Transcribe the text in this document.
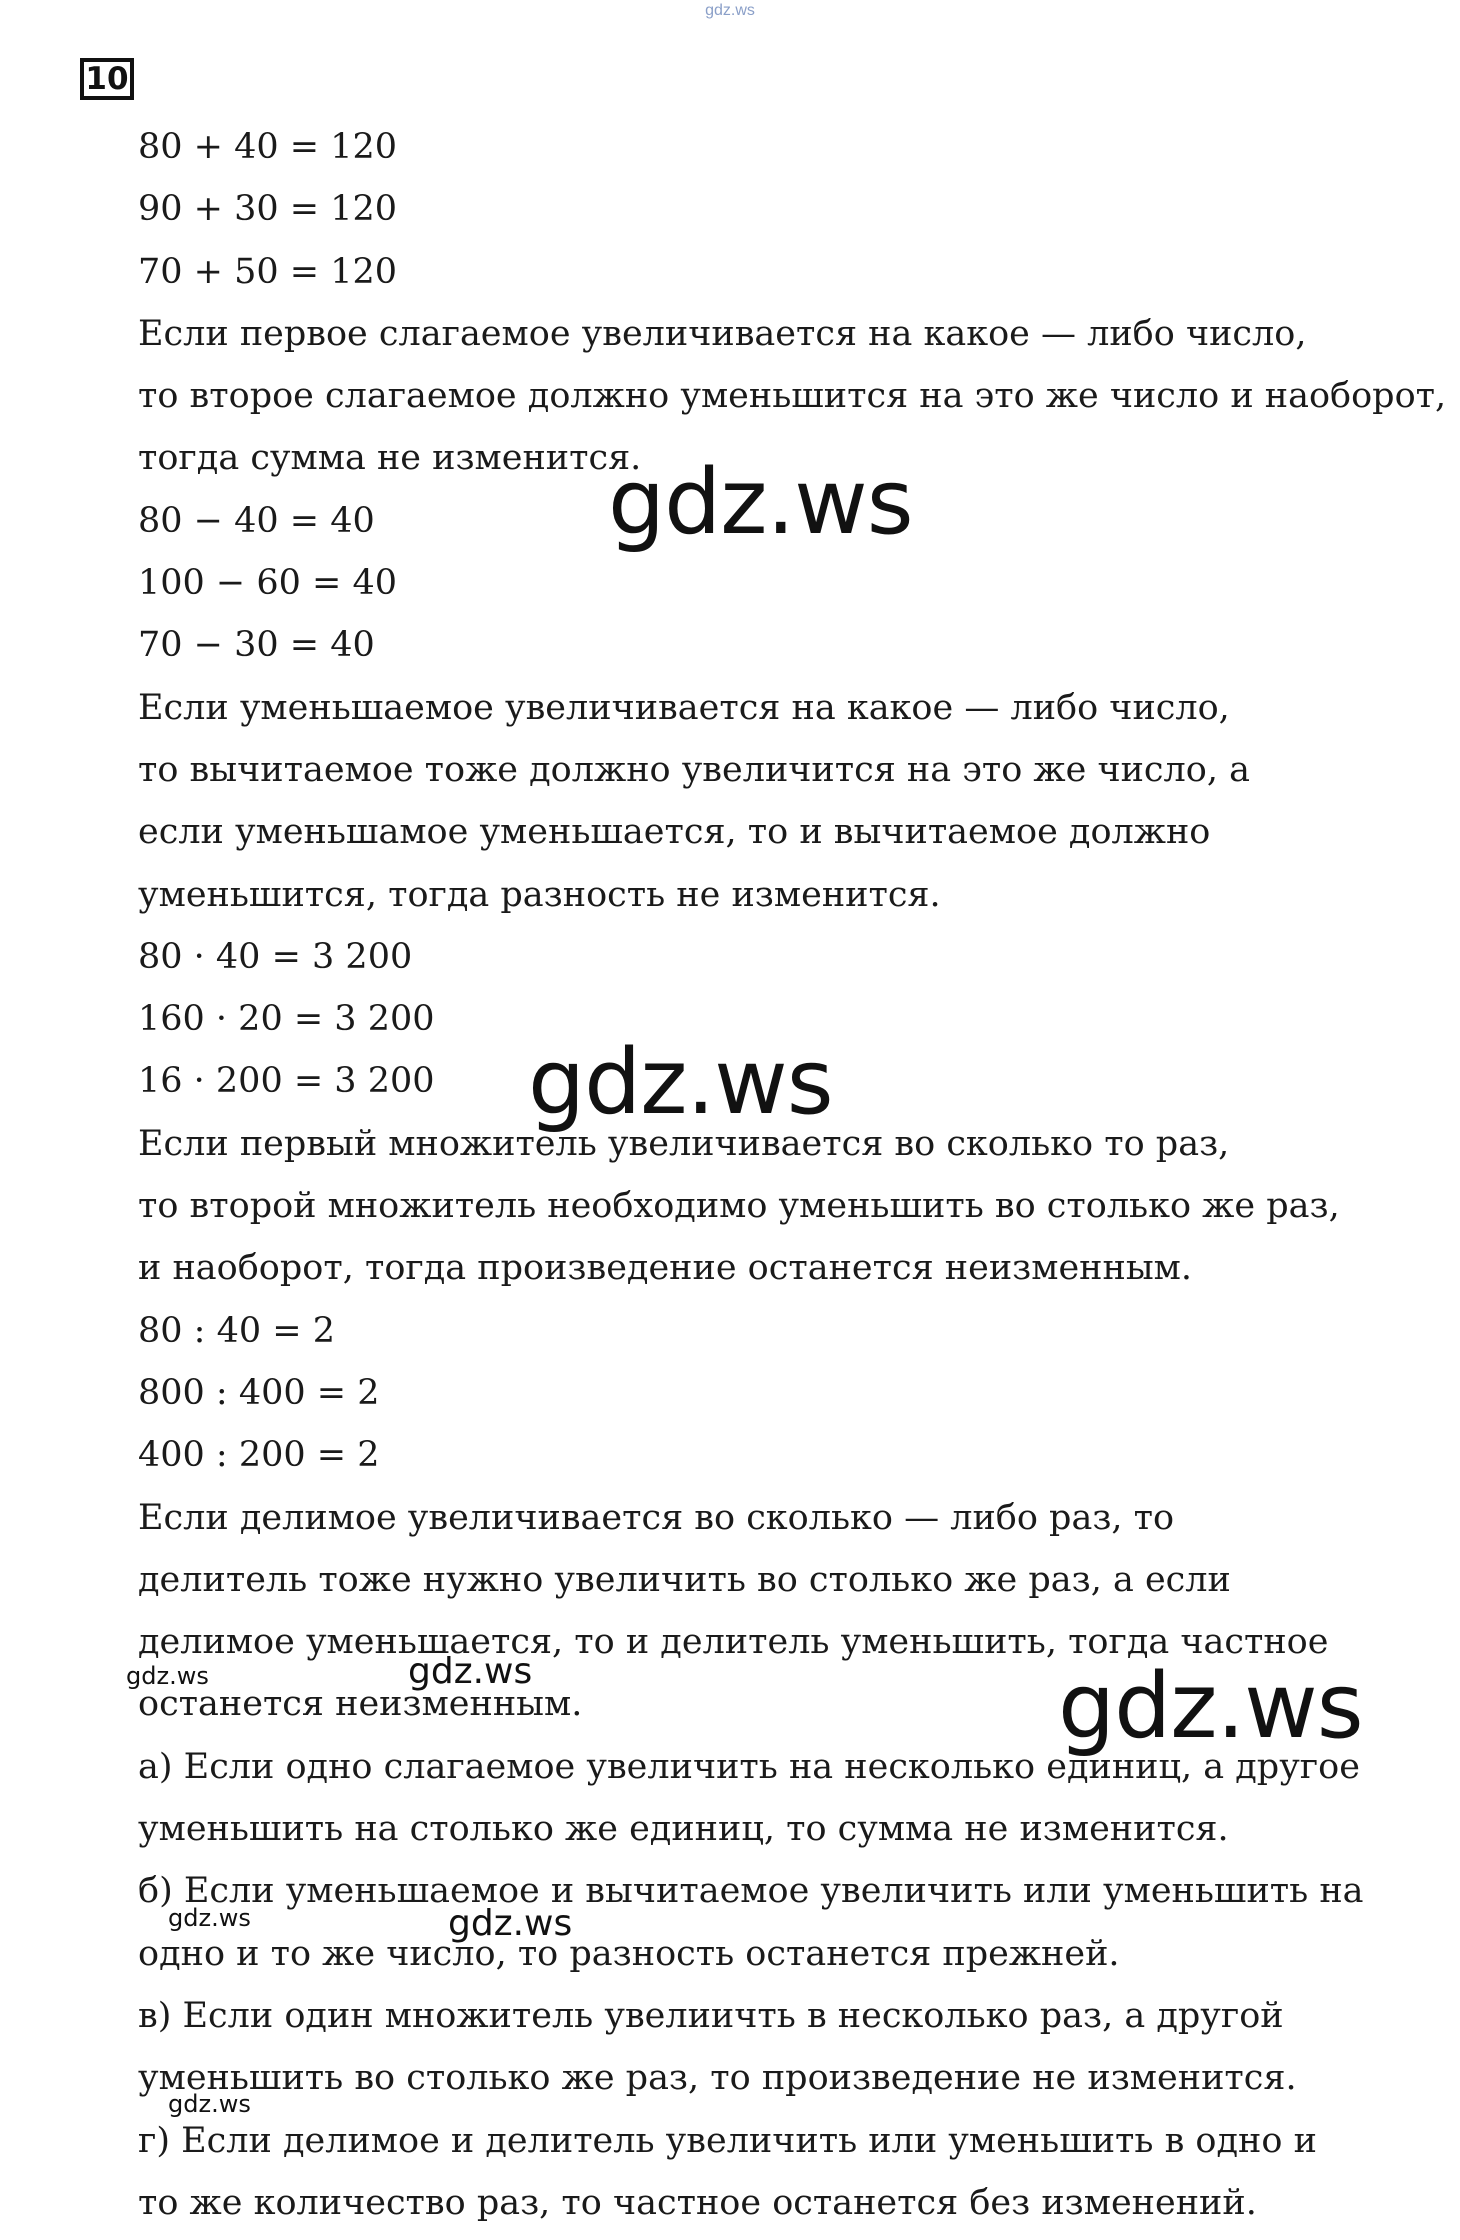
gdz.ws
10
80 + 40 = 120
90 + 30 = 120
70 + 50 = 120
Если первое слагаемое увеличивается на какое — либо число,
то второе слагаемое должно уменьшится на это же число и наоборот,
тогда сумма не изменится.
80 − 40 = 40
100 − 60 = 40
70 − 30 = 40
Если уменьшаемое увеличивается на какое — либо число,
то вычитаемое тоже должно увеличится на это же число, а
если уменьшамое уменьшается, то и вычитаемое должно
уменьшится, тогда разность не изменится.
80 · 40 = 3 200
160 · 20 = 3 200
16 · 200 = 3 200
Если первый множитель увеличивается во сколько то раз,
то второй множитель необходимо уменьшить во столько же раз,
и наоборот, тогда произведение останется неизменным.
80 : 40 = 2
800 : 400 = 2
400 : 200 = 2
Если делимое увеличивается во сколько — либо раз, то
делитель тоже нужно увеличить во столько же раз, а если
делимое уменьшается, то и делитель уменьшить, тогда частное
останется неизменным.
а) Если одно слагаемое увеличить на несколько единиц, а другое
уменьшить на столько же единиц, то сумма не изменится.
б) Если уменьшаемое и вычитаемое увеличить или уменьшить на
одно и то же число, то разность останется прежней.
в) Если один множитель увелиичть в несколько раз, а другой
уменьшить во столько же раз, то произведение не изменится.
г) Если делимое и делитель увеличить или уменьшить в одно и
то же количество раз, то частное останется без изменений.
gdz.ws
gdz.ws
gdz.ws
gdz.ws
gdz.ws
gdz.ws
gdz.ws
gdz.ws
